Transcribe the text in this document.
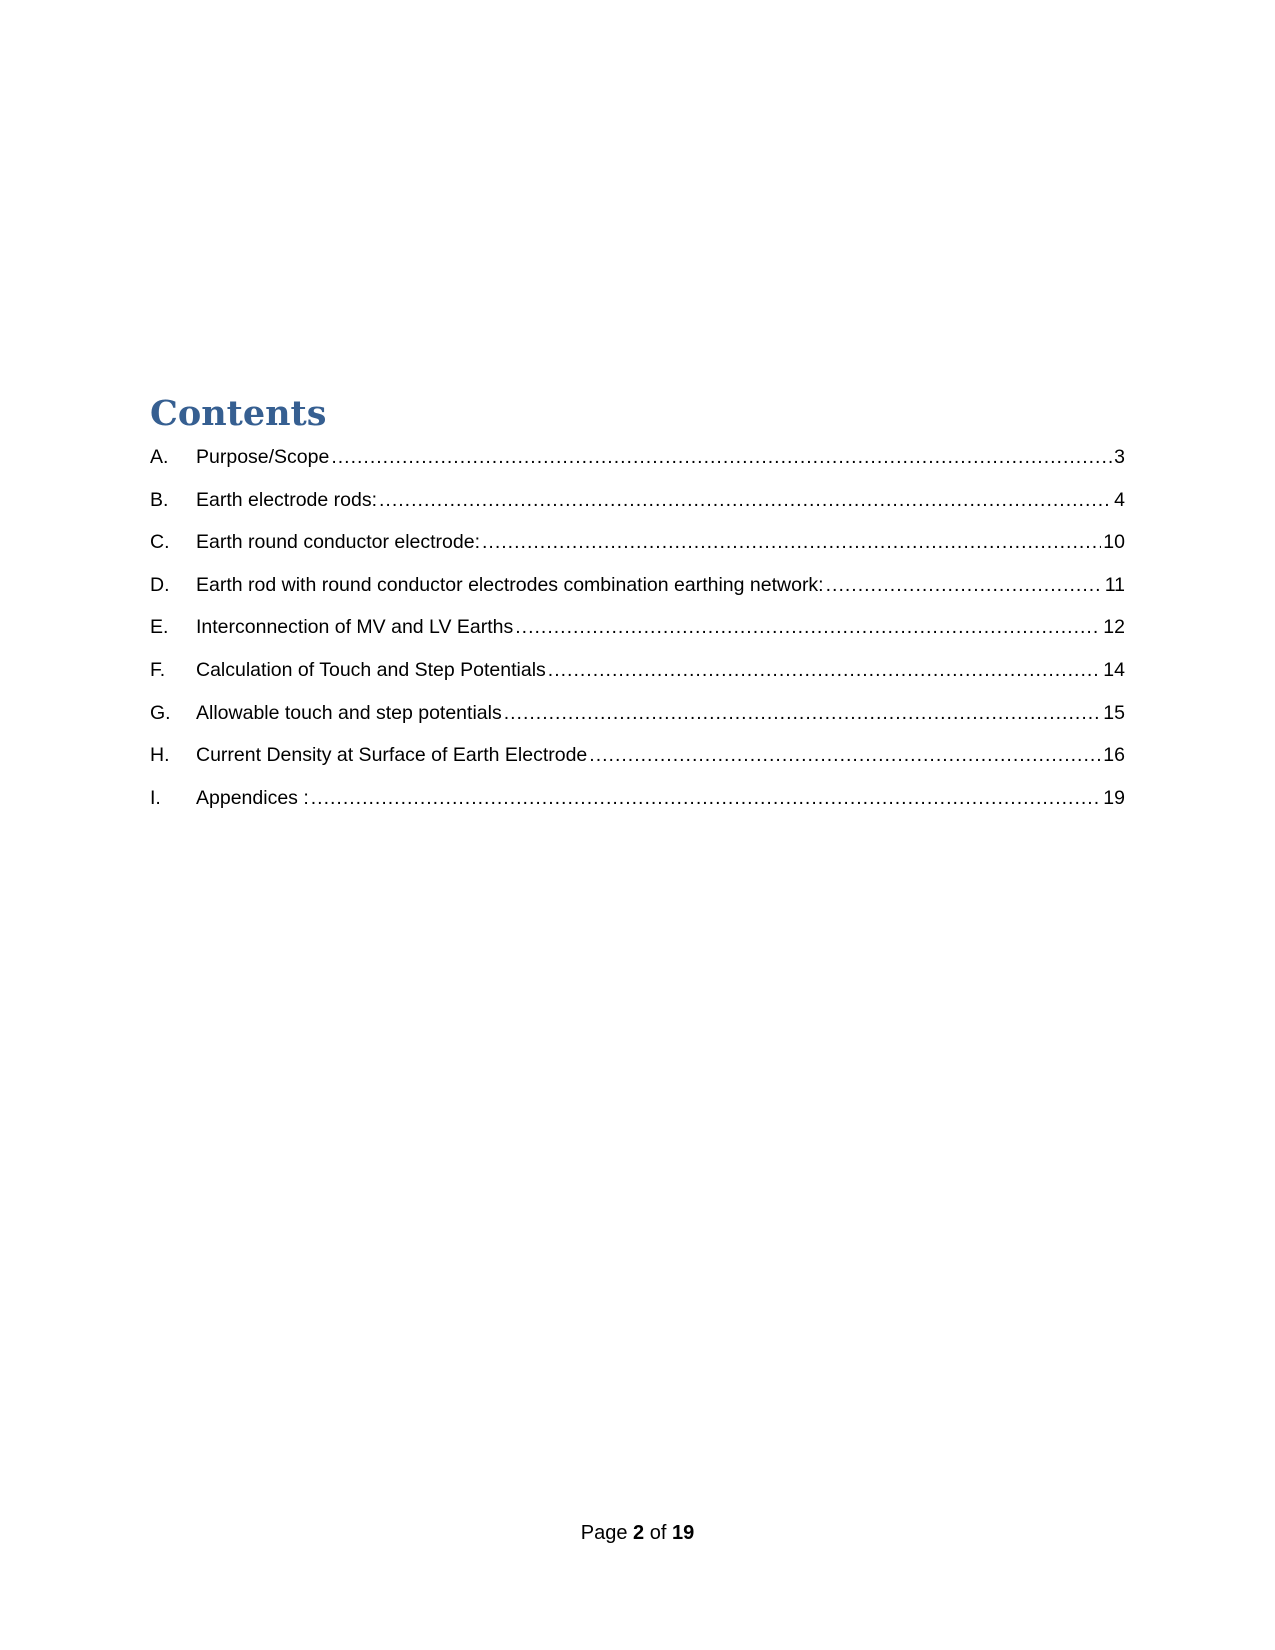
Contents
A.	Purpose/Scope .....	3
B.	Earth electrode rods: .....	4
C.	Earth round conductor electrode: .....	10
D.	Earth rod with round conductor electrodes combination earthing network: .....	11
E.	Interconnection of MV and LV Earths .....	12
F.	Calculation of Touch and Step Potentials .....	14
G.	Allowable touch and step potentials .....	15
H.	Current Density at Surface of Earth Electrode .....	16
I.	Appendices : .....	19
Page 2 of 19
